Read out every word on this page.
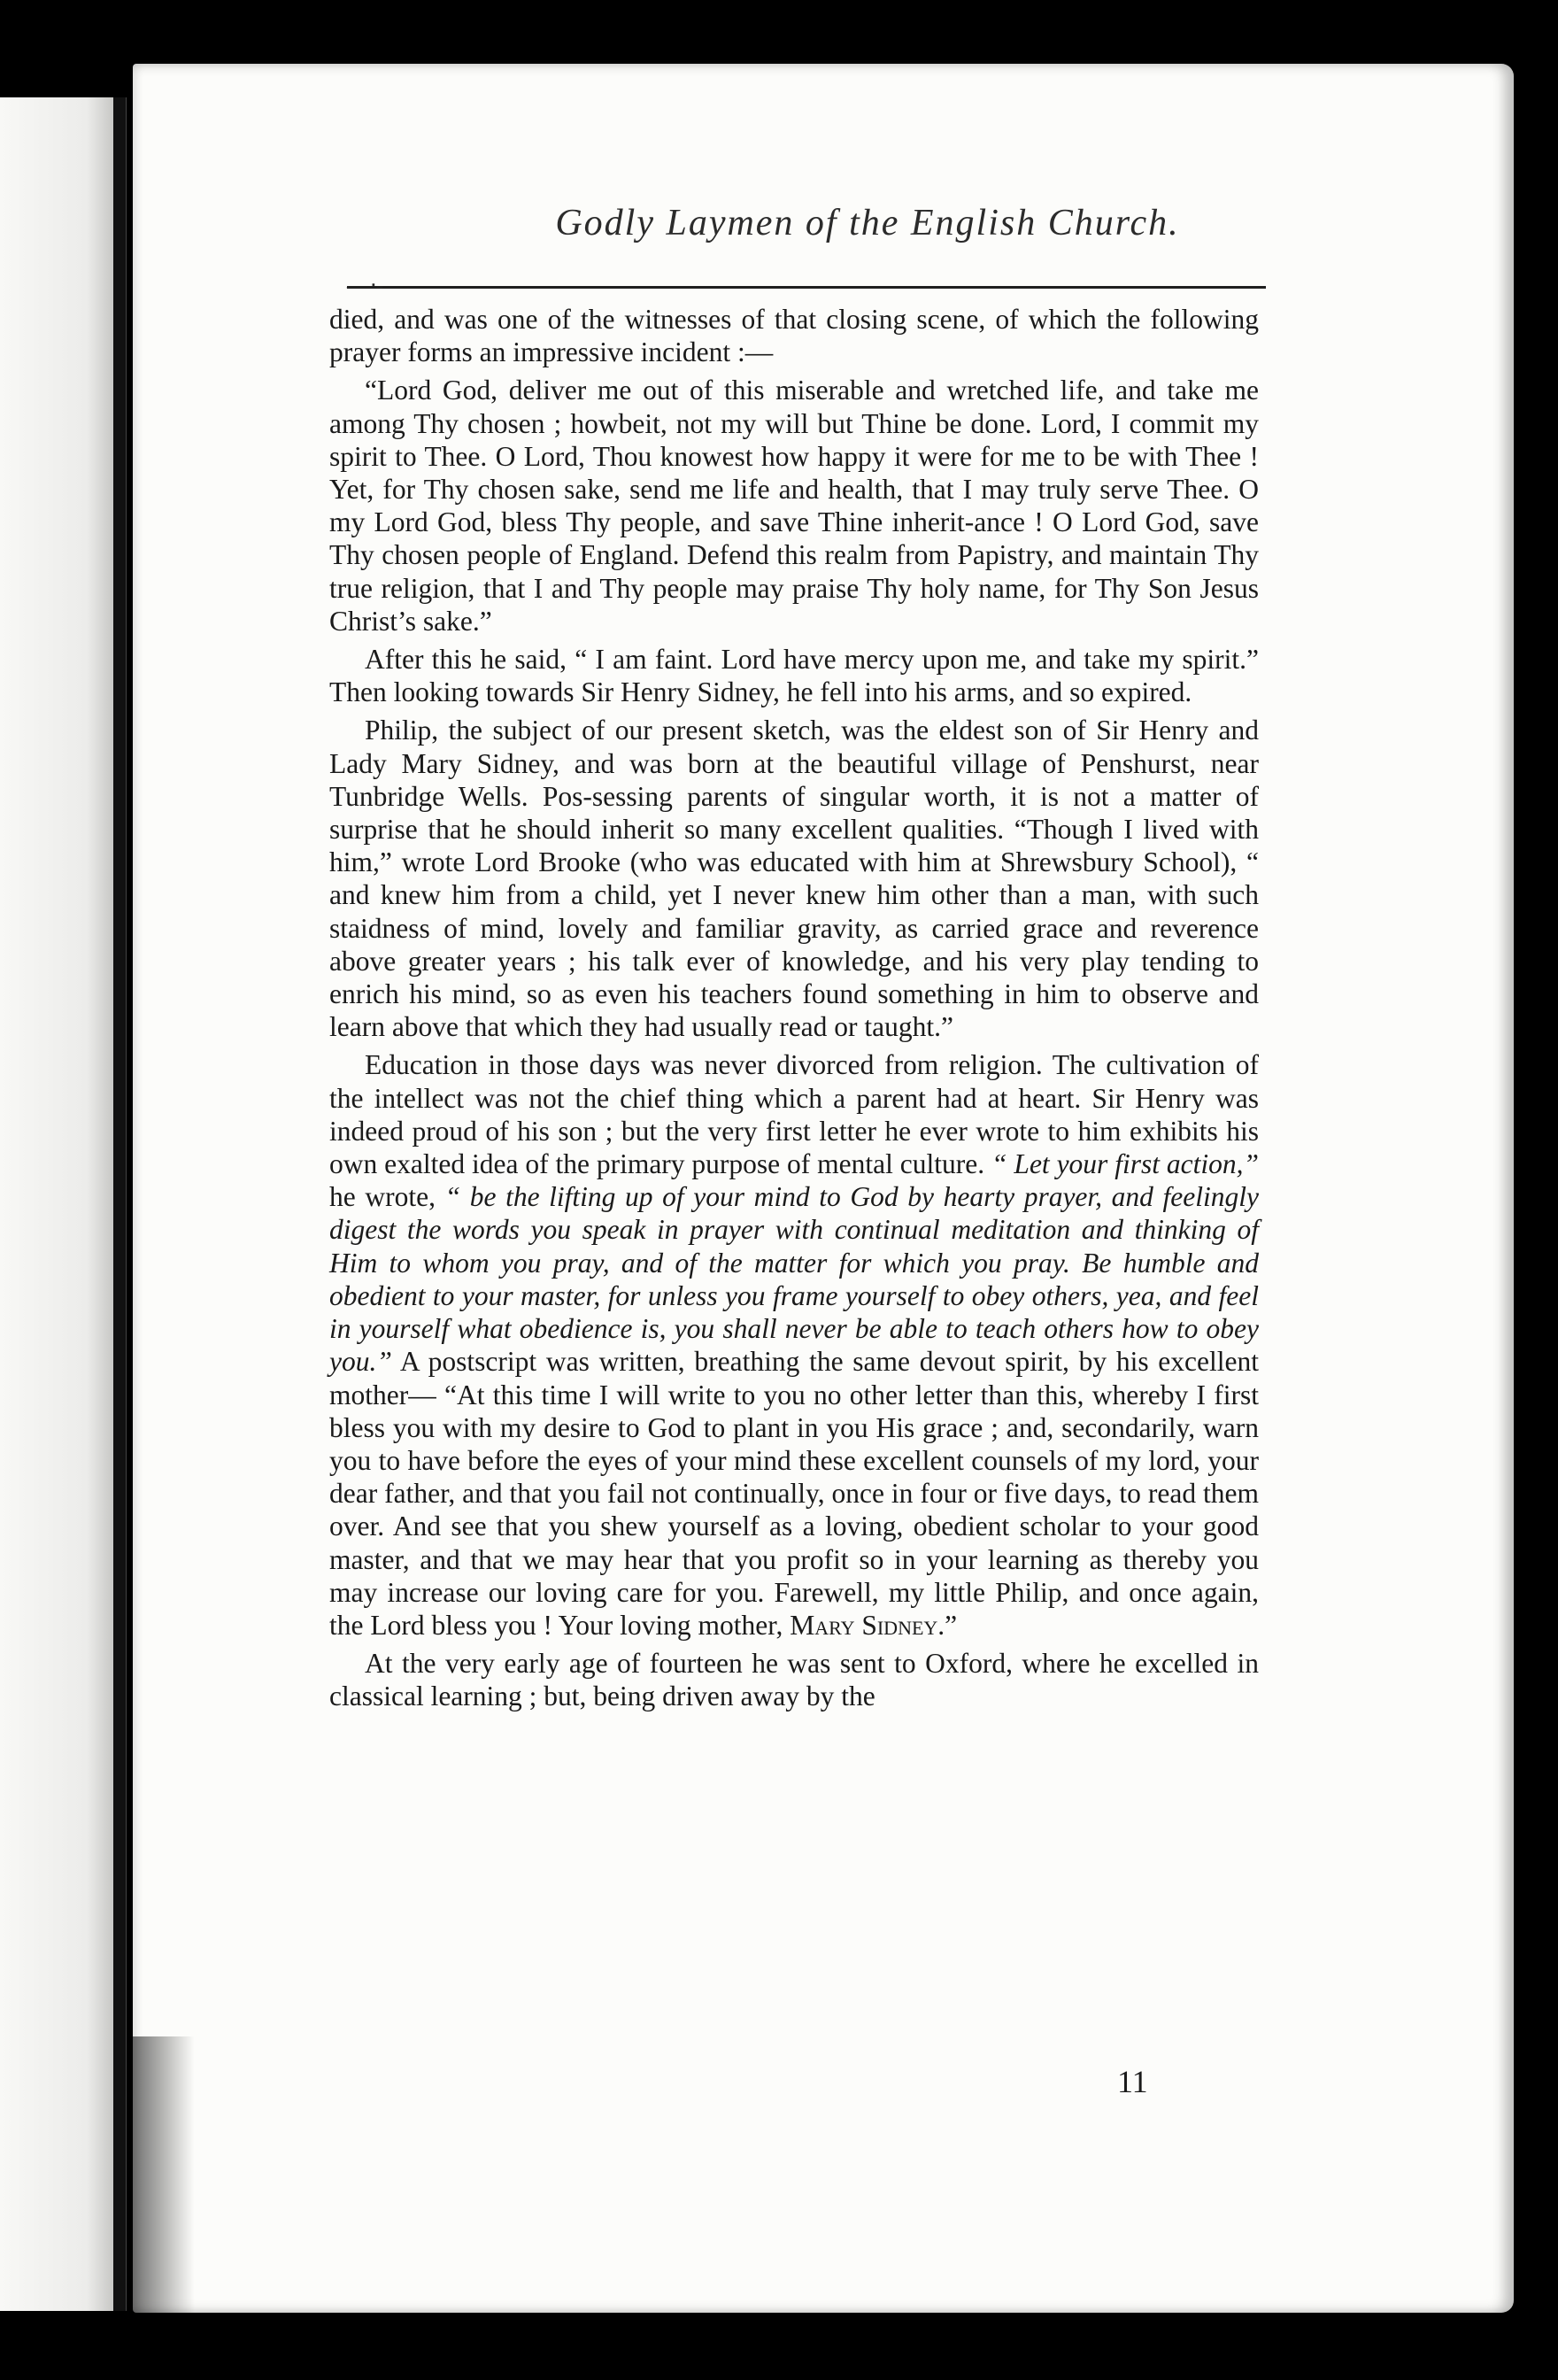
Godly Laymen of the English Church.
—ᐧ-

died, and was one of the witnesses of that closing scene, of which the following prayer forms an impressive incident :—

“Lord God, deliver me out of this miserable and wretched life, and take me among Thy chosen ; howbeit, not my will but Thine be done. Lord, I commit my spirit to Thee. O Lord, Thou knowest how happy it were for me to be with Thee ! Yet, for Thy chosen sake, send me life and health, that I may truly serve Thee. O my Lord God, bless Thy people, and save Thine inherit-ance ! O Lord God, save Thy chosen people of England. Defend this realm from Papistry, and maintain Thy true religion, that I and Thy people may praise Thy holy name, for Thy Son Jesus Christ’s sake.”

After this he said, “ I am faint. Lord have mercy upon me, and take my spirit.” Then looking towards Sir Henry Sidney, he fell into his arms, and so expired.

Philip, the subject of our present sketch, was the eldest son of Sir Henry and Lady Mary Sidney, and was born at the beautiful village of Penshurst, near Tunbridge Wells. Pos-sessing parents of singular worth, it is not a matter of surprise that he should inherit so many excellent qualities. “Though I lived with him,” wrote Lord Brooke (who was educated with him at Shrewsbury School), “ and knew him from a child, yet I never knew him other than a man, with such staidness of mind, lovely and familiar gravity, as carried grace and reverence above greater years ; his talk ever of knowledge, and his very play tending to enrich his mind, so as even his teachers found something in him to observe and learn above that which they had usually read or taught.”

Education in those days was never divorced from religion. The cultivation of the intellect was not the chief thing which a parent had at heart. Sir Henry was indeed proud of his son ; but the very first letter he ever wrote to him exhibits his own exalted idea of the primary purpose of mental culture. “ Let your first action,” he wrote, “ be the lifting up of your mind to God by hearty prayer, and feelingly digest the words you speak in prayer with continual meditation and thinking of Him to whom you pray, and of the matter for which you pray. Be humble and obedient to your master, for unless you frame yourself to obey others, yea, and feel in yourself what obedience is, you shall never be able to teach others how to obey you.” A postscript was written, breathing the same devout spirit, by his excellent mother— “At this time I will write to you no other letter than this, whereby I first bless you with my desire to God to plant in you His grace ; and, secondarily, warn you to have before the eyes of your mind these excellent counsels of my lord, your dear father, and that you fail not continually, once in four or five days, to read them over. And see that you shew yourself as a loving, obedient scholar to your good master, and that we may hear that you profit so in your learning as thereby you may increase our loving care for you. Farewell, my little Philip, and once again, the Lord bless you ! Your loving mother, Mary Sidney.”

At the very early age of fourteen he was sent to Oxford, where he excelled in classical learning ; but, being driven away by the

11
